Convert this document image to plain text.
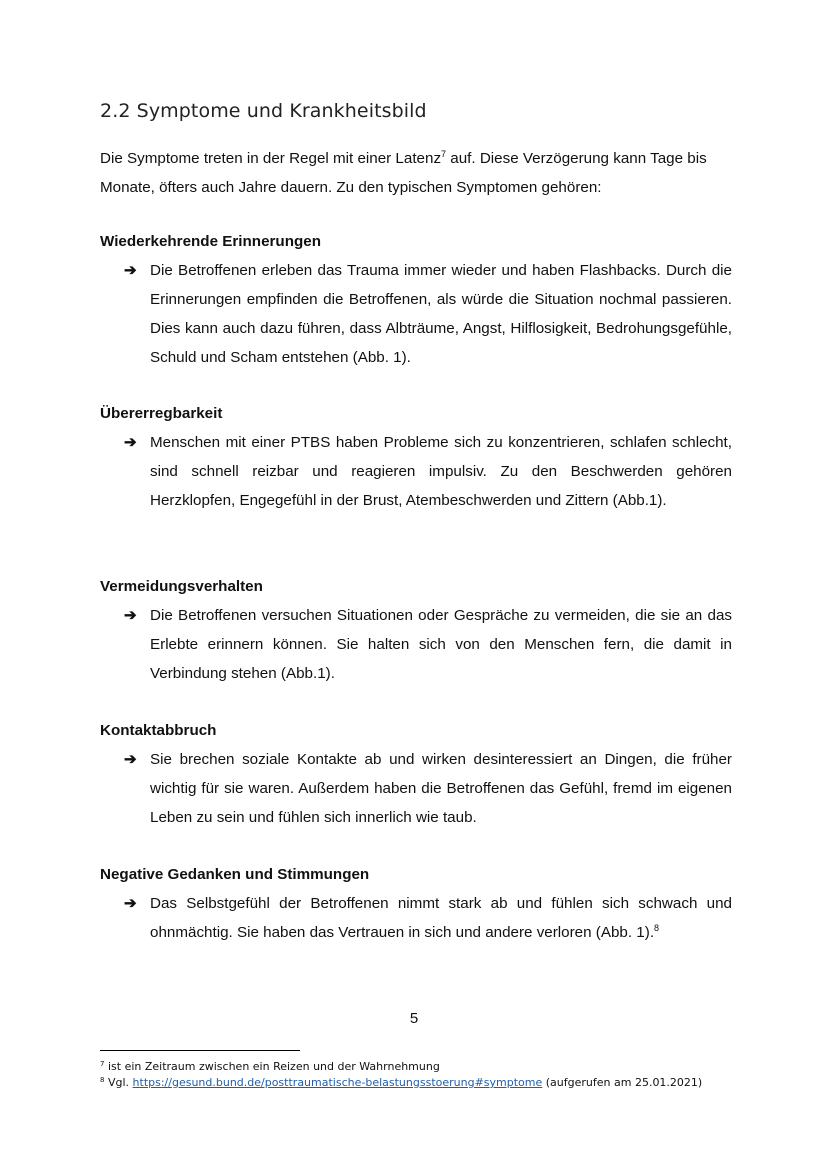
2.2 Symptome und Krankheitsbild
Die Symptome treten in der Regel mit einer Latenz$^7$ auf. Diese Verzögerung kann Tage bis Monate, öfters auch Jahre dauern. Zu den typischen Symptomen gehören:
Wiederkehrende Erinnerungen
➔ Die Betroffenen erleben das Trauma immer wieder und haben Flashbacks. Durch die Erinnerungen empfinden die Betroffenen, als würde die Situation nochmal passieren. Dies kann auch dazu führen, dass Albträume, Angst, Hilflosigkeit, Bedrohungsgefühle, Schuld und Scham entstehen (Abb. 1).
Übererregbarkeit
➔ Menschen mit einer PTBS haben Probleme sich zu konzentrieren, schlafen schlecht, sind schnell reizbar und reagieren impulsiv. Zu den Beschwerden gehören Herzklopfen, Engegefühl in der Brust, Atembeschwerden und Zittern (Abb.1).
Vermeidungsverhalten
➔ Die Betroffenen versuchen Situationen oder Gespräche zu vermeiden, die sie an das Erlebte erinnern können. Sie halten sich von den Menschen fern, die damit in Verbindung stehen (Abb.1).
Kontaktabbruch
➔ Sie brechen soziale Kontakte ab und wirken desinteressiert an Dingen, die früher wichtig für sie waren. Außerdem haben die Betroffenen das Gefühl, fremd im eigenen Leben zu sein und fühlen sich innerlich wie taub.
Negative Gedanken und Stimmungen
➔ Das Selbstgefühl der Betroffenen nimmt stark ab und fühlen sich schwach und ohnmächtig. Sie haben das Vertrauen in sich und andere verloren (Abb. 1).$^8$
5
$^7$ ist ein Zeitraum zwischen ein Reizen und der Wahrnehmung
$^8$ Vgl. https://gesund.bund.de/posttraumatische-belastungsstoerung#symptome (aufgerufen am 25.01.2021)
